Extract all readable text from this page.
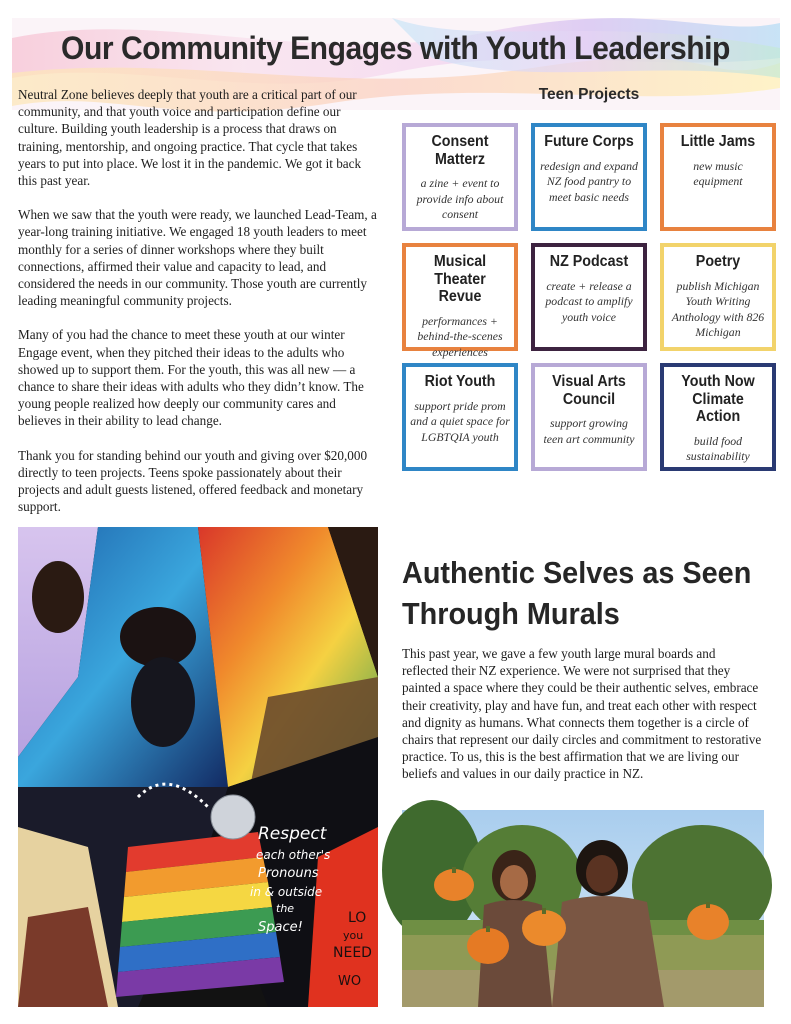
Our Community Engages with Youth Leadership

Neutral Zone believes deeply that youth are a critical part of our community, and that youth voice and participation define our culture. Building youth leadership is a process that draws on training, mentorship, and ongoing practice. That cycle that takes years to put into place. We lost it in the pandemic. We got it back this past year.

When we saw that the youth were ready, we launched Lead-Team, a year-long training initiative. We engaged 18 youth leaders to meet monthly for a series of dinner workshops where they built connections, affirmed their value and capacity to lead, and considered the needs in our community. Those youth are currently leading meaningful community projects.

Many of you had the chance to meet these youth at our winter Engage event, when they pitched their ideas to the adults who showed up to support them. For the youth, this was all new — a chance to share their ideas with adults who they didn’t know. The young people realized how deeply our community cares and believes in their ability to lead change.

Thank you for standing behind our youth and giving over $20,000 directly to teen projects. Teens spoke passionately about their projects and adult guests listened, offered feedback and monetary support.

Teen Projects
Consent Matterz
a zine + event to provide info about consent
Future Corps
redesign and expand NZ food pantry to meet basic needs
Little Jams
new music equipment
Musical Theater Revue
performances + behind-the-scenes experiences
NZ Podcast
create + release a podcast to amplify youth voice
Poetry
publish Michigan Youth Writing Anthology with 826 Michigan
Riot Youth
support pride prom and a quiet space for LGBTQIA youth
Visual Arts Council
support growing teen art community
Youth Now Climate Action
build food sustainability
Respect
each other's
Pronouns
in & outside
the
Space!
LO
you
NEED
WO
Authentic Selves as Seen Through Murals

This past year, we gave a few youth large mural boards and reflected their NZ experience. We were not surprised that they painted a space where they could be their authentic selves, embrace their creativity, play and have fun, and treat each other with respect and dignity as humans. What connects them together is a circle of chairs that represent our daily circles and commitment to restorative practice. To us, this is the best affirmation that we are living our beliefs and values in our daily practice in NZ.
